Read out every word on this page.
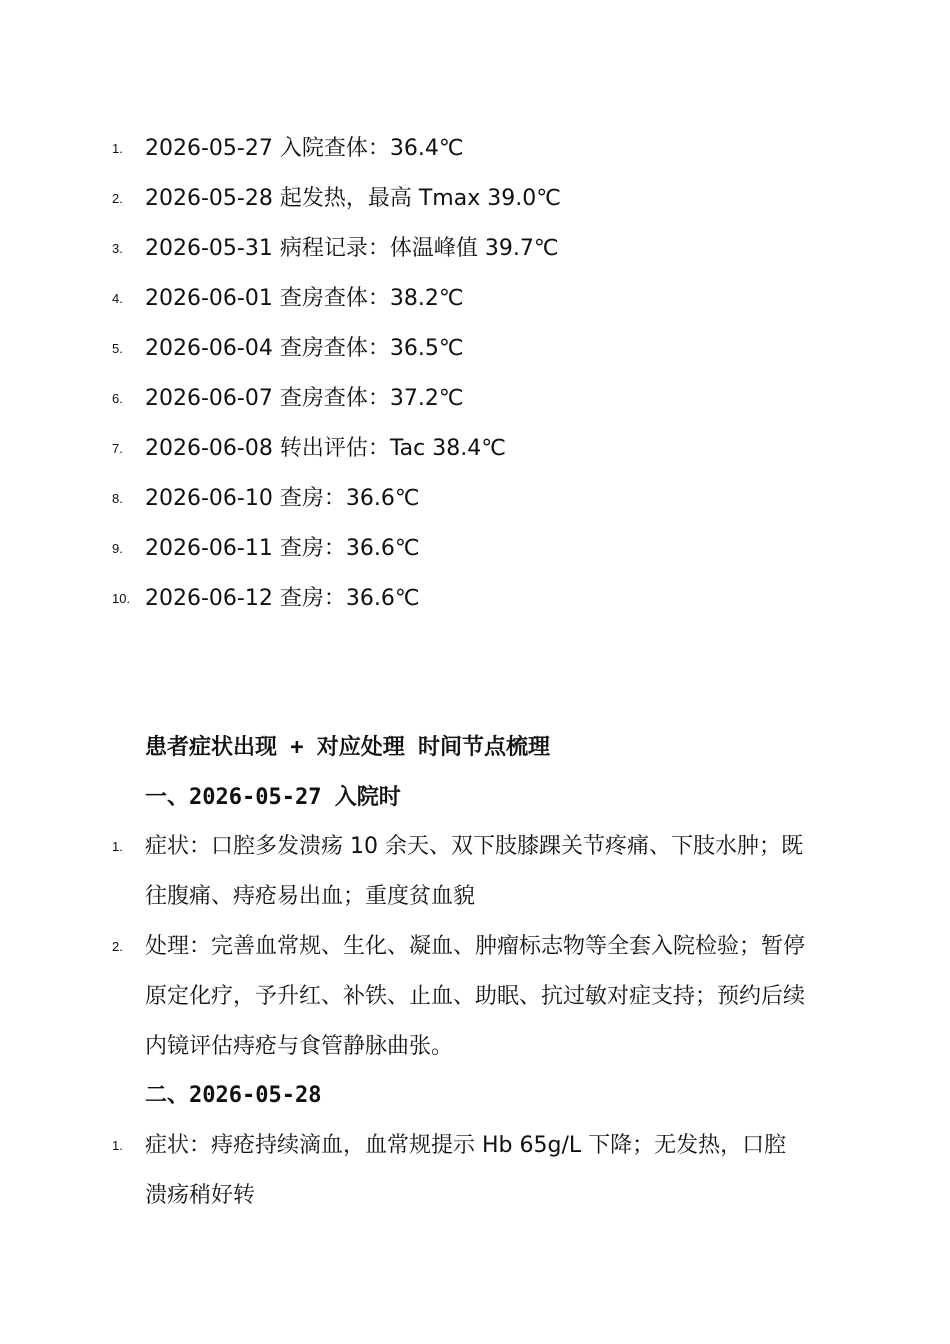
1.	2026-05-27 入院查体：36.4℃
2.	2026-05-28 起发热，最高 Tmax 39.0℃
3.	2026-05-31 病程记录：体温峰值 39.7℃
4.	2026-06-01 查房查体：38.2℃
5.	2026-06-04 查房查体：36.5℃
6.	2026-06-07 查房查体：37.2℃
7.	2026-06-08 转出评估：Tac 38.4℃
8.	2026-06-10 查房：36.6℃
9.	2026-06-11 查房：36.6℃
10. 2026-06-12 查房：36.6℃
患者症状出现 + 对应处理 时间节点梳理
一、2026-05-27 入院时
1.	症状：口腔多发溃疡 10 余天、双下肢膝踝关节疼痛、下肢水肿；既往腹痛、痔疮易出血；重度贫血貌
2.	处理：完善血常规、生化、凝血、肿瘤标志物等全套入院检验；暂停原定化疗，予升红、补铁、止血、助眠、抗过敏对症支持；预约后续内镜评估痔疮与食管静脉曲张。
二、2026-05-28
1.	症状：痔疮持续滴血，血常规提示 Hb 65g/L 下降；无发热，口腔溃疡稍好转
